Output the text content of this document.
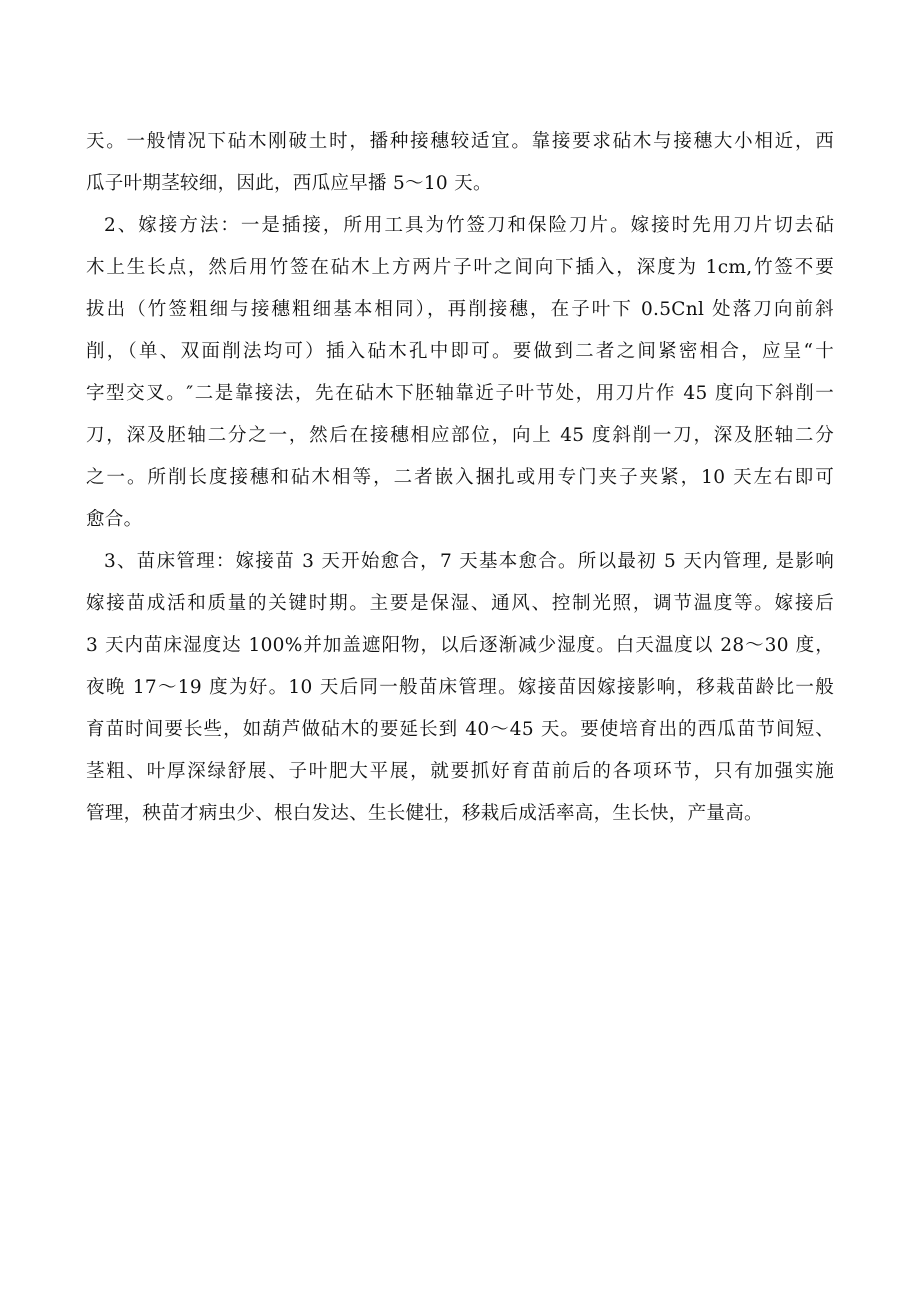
天。一般情况下砧木刚破土时，播种接穗较适宜。靠接要求砧木与接穗大小相近，西
瓜子叶期茎较细，因此，西瓜应早播 5～10 天。
2、嫁接方法：一是插接，所用工具为竹签刀和保险刀片。嫁接时先用刀片切去砧
木上生长点，然后用竹签在砧木上方两片子叶之间向下插入，深度为 1cm,竹签不要
拔出（竹签粗细与接穗粗细基本相同），再削接穗，在子叶下 0.5Cnl 处落刀向前斜
削，（单、双面削法均可）插入砧木孔中即可。要做到二者之间紧密相合，应呈“十
字型交叉。″二是靠接法，先在砧木下胚轴靠近子叶节处，用刀片作 45 度向下斜削一
刀，深及胚轴二分之一，然后在接穗相应部位，向上 45 度斜削一刀，深及胚轴二分
之一。所削长度接穗和砧木相等，二者嵌入捆扎或用专门夹子夹紧，10 天左右即可
愈合。
3、苗床管理：嫁接苗 3 天开始愈合，7 天基本愈合。所以最初 5 天内管理, 是影响
嫁接苗成活和质量的关键时期。主要是保湿、通风、控制光照，调节温度等。嫁接后
3 天内苗床湿度达 100%并加盖遮阳物，以后逐渐减少湿度。白天温度以 28～30 度，
夜晚 17～19 度为好。10 天后同一般苗床管理。嫁接苗因嫁接影响，移栽苗龄比一般
育苗时间要长些，如葫芦做砧木的要延长到 40～45 天。要使培育出的西瓜苗节间短、
茎粗、叶厚深绿舒展、子叶肥大平展，就要抓好育苗前后的各项环节，只有加强实施
管理，秧苗才病虫少、根白发达、生长健壮，移栽后成活率高，生长快，产量高。
